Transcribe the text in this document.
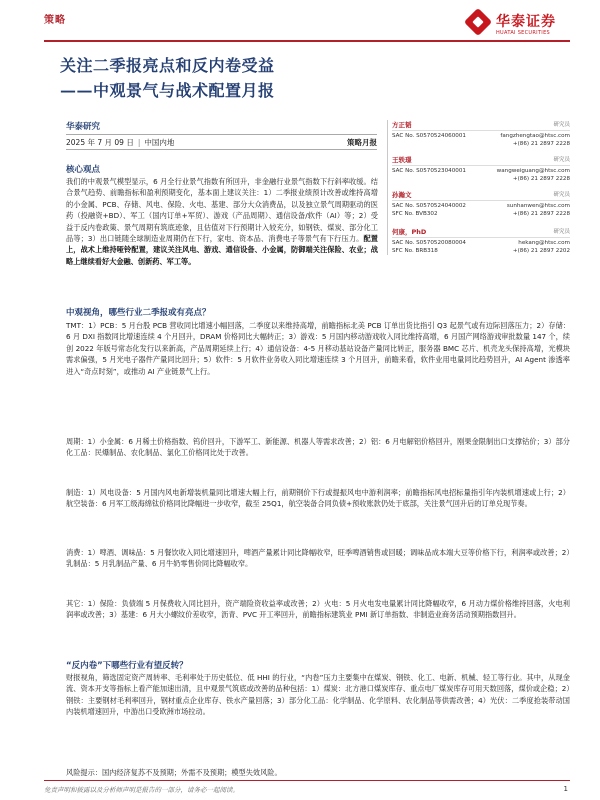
策略	华泰证券
HUATAI SECURITIES
关注二季报亮点和反内卷受益
——中观景气与战术配置月报
华泰研究
2025 年 7 月 09 日 | 中国内地	策略月报
方正韬	研究员
SAC No. S0570524060001	fangzhengtao@htsc.com
+(86) 21 2897 2228
王轶璟	研究员
SAC No. S0570523040001	wangweiguang@htsc.com
+(86) 21 2897 2228
孙瀚文	研究员
SAC No. S0570524040002	sunhanwen@htsc.com
SFC No. BVB302	+(86) 21 2897 2228
何康，PhD	研究员
SAC No. S0570520080004	hekang@htsc.com
SFC No. BRB318	+(86) 21 2897 2202
核心观点
我们的中观景气模型显示，6 月全行业景气指数有所回升，非金融行业景气指数下行斜率收缓。结合景气趋势、前瞻指标和盈利预期变化，基本面上建议关注：1）二季报业绩预计改善或维持高增的小金属、PCB、存储、风电、保险、火电、基建、部分大众消费品，以及独立景气周期驱动的医药（投融资+BD）、军工（国内订单+军贸）、游戏（产品周期）、通信设备/软件（AI）等；2）受益于反内卷政策、景气周期有筑底迹象，且估值对下行预期计入较充分，如钢铁、煤炭、部分化工品等；3）出口链随全球制造业周期仍在下行，家电、资本品、消费电子等景气有下行压力。配置上，战术上维持哑铃配置，建议关注风电、游戏、通信设备、小金属，防御端关注保险、农业；战略上继续看好大金融、创新药、军工等。
中观视角，哪些行业二季报或有亮点？
TMT：1）PCB：5 月台股 PCB 营收同比增速小幅回落，二季度以来维持高增，前瞻指标北美 PCB 订单出货比指引 Q3 起景气或有边际回落压力；2）存储：6 月 DXI 指数同比增速连续 4 个月回升，DRAM 价格同比大幅转正；3）游戏：5 月国内移动游戏收入同比维持高增，6 月国产网络游戏审批数量 147 个，续创 2022 年版号常态化发行以来新高，产品周期延续上行；4）通信设备：4-5 月移动基站设备产量同比转正，服务器 BMC 芯片、机壳龙头保持高增，光模块需求偏强，5 月光电子器件产量同比回升；5）软件：5 月软件业务收入同比增速连续 3 个月回升，前瞻来看，软件业用电量同比趋势回升，AI Agent 渗透率进入“奇点时刻”，或推动 AI 产业链景气上行。
周期：1）小金属：6 月稀土价格指数、钨价回升，下游军工、新能源、机器人等需求改善；2）铝：6 月电解铝价格回升，刚果金限制出口支撑钴价；3）部分化工品：民爆制品、农化制品、氯化工价格同比处于改善。
制造：1）风电设备：5 月国内风电新增装机量同比增速大幅上行，前期钢价下行或提振风电中游利润率；前瞻指标风电招标量指引年内装机增速或上行；2）航空装备：6 月军工级海绵钛价格同比降幅进一步收窄，截至 25Q1，航空装备合同负债+预收账款仍处于底部，关注景气回升后的订单兑现节奏。
消费：1）啤酒、调味品：5 月餐饮收入同比增速回升，啤酒产量累计同比降幅收窄，旺季啤酒销售或回暖；调味品成本端大豆等价格下行，利润率或改善；2）乳制品：5 月乳制品产量、6 月牛奶零售价同比降幅收窄。
其它：1）保险：负债端 5 月保费收入同比回升，资产端险资收益率或改善；2）火电：5 月火电发电量累计同比降幅收窄，6 月动力煤价格维持回落，火电利润率或改善；3）基建：6 月大小螺纹价差收窄，沥青、PVC 开工率回升，前瞻指标建筑业 PMI 新订单指数、非制造业商务活动预期指数回升。
“反内卷”下哪些行业有望反转？
财报视角，筛选固定资产周转率、毛利率处于历史低位、低 HHI 的行业，“内卷”压力主要集中在煤炭、钢铁、化工、电新、机械、轻工等行业。其中，从现金流、资本开支等指标上看产能加速出清，且中观景气筑底或改善的品种包括：1）煤炭：北方港口煤炭库存、重点电厂煤炭库存可用天数回落，煤价或企稳；2）钢铁：主要钢材毛利率回升，钢材重点企业库存、铁水产量回落；3）部分化工品：化学制品、化学原料、农化制品等供需改善；4）光伏：二季度抢装带动国内装机增速回升，中游出口受欧洲市场拉动。
风险提示：国内经济复苏不及预期；外需不及预期；模型失效风险。
免责声明和披露以及分析师声明是报告的一部分，请务必一起阅读。	1
